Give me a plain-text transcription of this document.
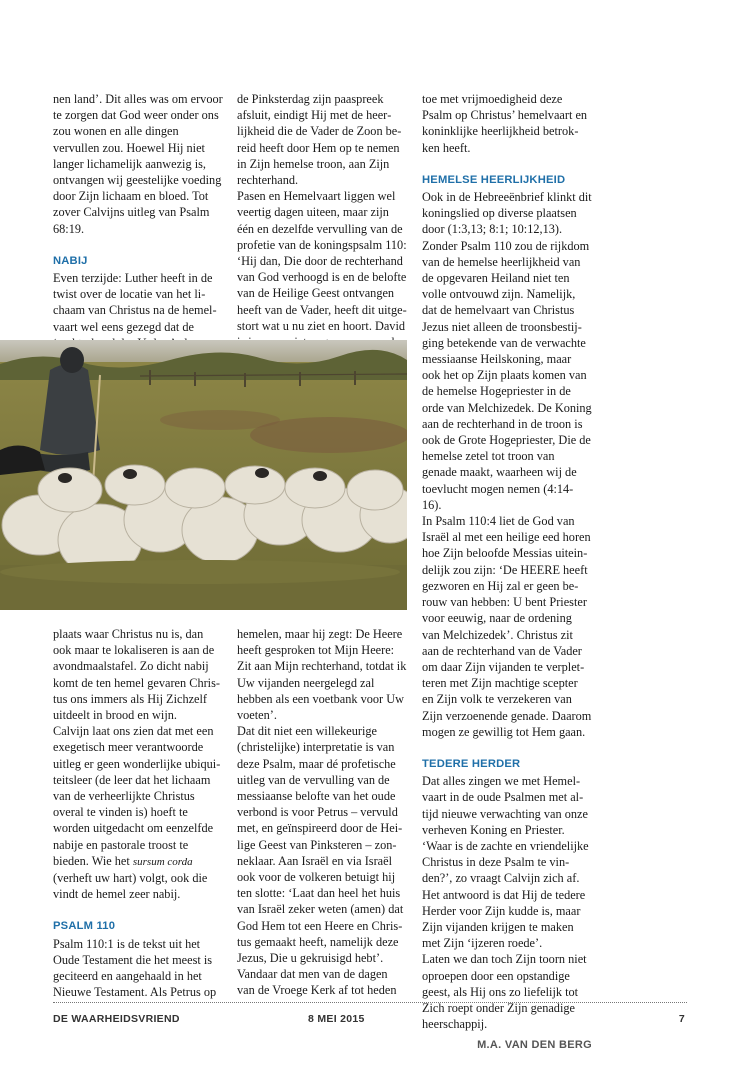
nen land’. Dit alles was om ervoor te zorgen dat God weer onder ons zou wonen en alle dingen vervullen zou. Hoewel Hij niet langer lichamelijk aanwezig is, ontvangen wij geestelijke voeding door Zijn lichaam en bloed. Tot zover Calvijns uitleg van Psalm 68:19.

NABIJ

Even terzijde: Luther heeft in de twist over de locatie van het lichaam van Christus na de hemelvaart wel eens gezegd dat de

de Pinksterdag zijn paaspreek afsluit, eindigt Hij met de heerlijkheid die de Vader de Zoon bereid heeft door Hem op te nemen in Zijn hemelse troon, aan Zijn rechterhand.

Pasen en Hemelvaart liggen wel veertig dagen uiteen, maar zijn één en dezelfde vervulling van de profetie van de koningspsalm 110: ‘Hij dan, Die door de rechterhand van God verhoogd is en de belofte van de Heilige Geest ontvangen heeft van de Vader, heeft dit uitgestort wat u nu ziet en hoort. David

plaats waar Christus nu is, dan ook maar te lokaliseren is aan de avondmaalstafel. Zo dicht nabij komt de ten hemel gevaren Christus ons immers als Hij Zichzelf uitdeelt in brood en wijn.

Calvijn laat ons zien dat met een exegetisch meer verantwoorde uitleg er geen wonderlijke ubiquiteitsleer (de leer dat het lichaam van de verheerlijkte Christus overal te vinden is) hoeft te worden uitgedacht om eenzelfde nabije en pastorale troost te bieden. Wie het sursum corda (verheft uw hart) volgt, ook die vindt de hemel zeer nabij.

PSALM 110

Psalm 110:1 is de tekst uit het Oude Testament die het meest is geciteerd en aangehaald in het Nieuwe Testament. Als Petrus op

hemelen, maar hij zegt: De Heere heeft gesproken tot Mijn Heere: Zit aan Mijn rechterhand, totdat ik Uw vijanden neergelegd zal hebben als een voetbank voor Uw voeten’.

Dat dit niet een willekeurige (christelijke) interpretatie is van deze Psalm, maar dé profetische uitleg van de vervulling van de messiaanse belofte van het oude verbond is voor Petrus – vervuld met, en geïnspireerd door de Heilige Geest van Pinksteren – zonneklaar. Aan Israël en via Israël ook voor de volkeren betuigt hij ten slotte: ‘Laat dan heel het huis van Israël zeker weten (amen) dat God Hem tot een Heere en Christus gemaakt heeft, namelijk deze Jezus, Die u gekruisigd hebt’. Vandaar dat men van de dagen van de Vroege Kerk af tot heden

toe met vrijmoedigheid deze Psalm op Christus’ hemelvaart en koninklijke heerlijkheid betrokken heeft.

HEMELSE HEERLIJKHEID

Ook in de Hebreeënbrief klinkt dit koningslied op diverse plaatsen door (1:3,13; 8:1; 10:12,13). Zonder Psalm 110 zou de rijkdom van de hemelse heerlijkheid van de opgevaren Heiland niet ten volle ontvouwd zijn. Namelijk, dat de hemelvaart van Christus Jezus niet alleen de troonsbestijging betekende van de verwachte messiaanse Heilskoning, maar ook het op Zijn plaats komen van de hemelse Hogepriester in de orde van Melchizedek. De Koning aan de rechterhand in de troon is ook de Grote Hogepriester, Die de hemelse zetel tot troon van genade maakt, waarheen wij de toevlucht mogen nemen (4:14-16).

In Psalm 110:4 liet de God van Israël al met een heilige eed horen hoe Zijn beloofde Messias uiteindelijk zou zijn: ‘De HEERE heeft gezworen en Hij zal er geen berouw van hebben: U bent Priester voor eeuwig, naar de ordening van Melchizedek’. Christus zit aan de rechterhand van de Vader om daar Zijn vijanden te verpletteren met Zijn machtige scepter en Zijn volk te verzekeren van Zijn verzoenende genade. Daarom mogen ze gewillig tot Hem gaan.

TEDERE HERDER

Dat alles zingen we met Hemelvaart in de oude Psalmen met altijd nieuwe verwachting van onze verheven Koning en Priester. ‘Waar is de zachte en vriendelijke Christus in deze Psalm te vinden?’, zo vraagt Calvijn zich af. Het antwoord is dat Hij de tedere Herder voor Zijn kudde is, maar Zijn vijanden krijgen te maken met Zijn ‘ijzeren roede’.

Laten we dan toch Zijn toorn niet oproepen door een opstandige geest, als Hij ons zo liefelijk tot Zich roept onder Zijn genadige heerschappij.

M.A. VAN DEN BERG
DE WAARHEIDSVRIEND	8 MEI 2015	7
